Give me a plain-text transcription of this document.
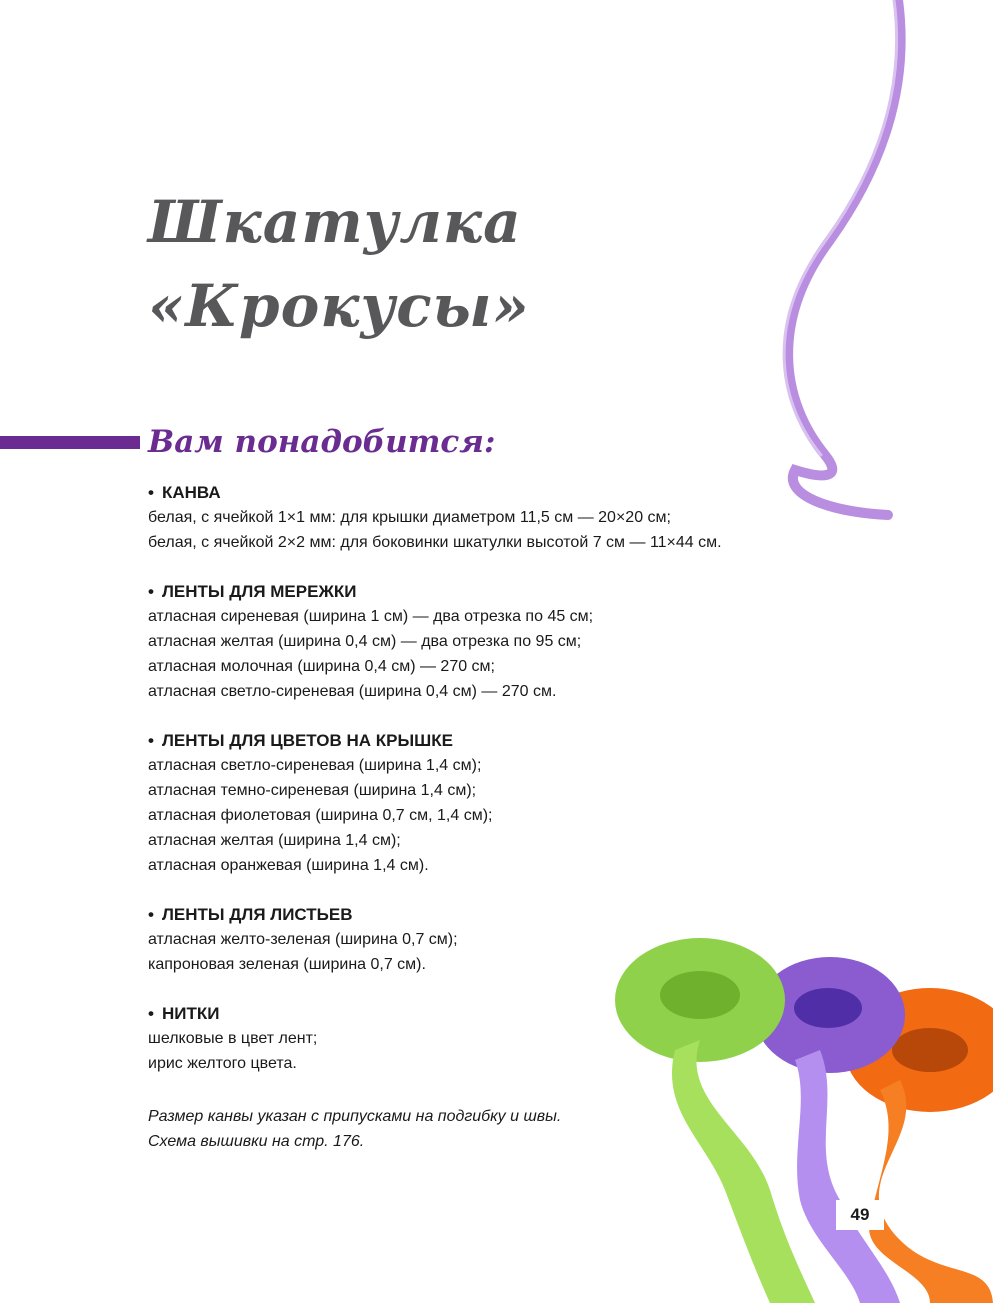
Шкатулка
«Крокусы»
Вам понадобится:
• КАНВА
белая, с ячейкой 1×1 мм: для крышки диаметром 11,5 см — 20×20 см;
белая, с ячейкой 2×2 мм: для боковинки шкатулки высотой 7 см — 11×44 см.
• ЛЕНТЫ ДЛЯ МЕРЕЖКИ
атласная сиреневая (ширина 1 см) — два отрезка по 45 см;
атласная желтая (ширина 0,4 см) — два отрезка по 95 см;
атласная молочная (ширина 0,4 см) — 270 см;
атласная светло-сиреневая (ширина 0,4 см) — 270 см.
• ЛЕНТЫ ДЛЯ ЦВЕТОВ НА КРЫШКЕ
атласная светло-сиреневая (ширина 1,4 см);
атласная темно-сиреневая (ширина 1,4 см);
атласная фиолетовая (ширина 0,7 см, 1,4 см);
атласная желтая (ширина 1,4 см);
атласная оранжевая (ширина 1,4 см).
• ЛЕНТЫ ДЛЯ ЛИСТЬЕВ
атласная желто-зеленая (ширина 0,7 см);
капроновая зеленая (ширина 0,7 см).
• НИТКИ
шелковые в цвет лент;
ирис желтого цвета.
Размер канвы указан с припусками на подгибку и швы.
Схема вышивки на стр. 176.
49
